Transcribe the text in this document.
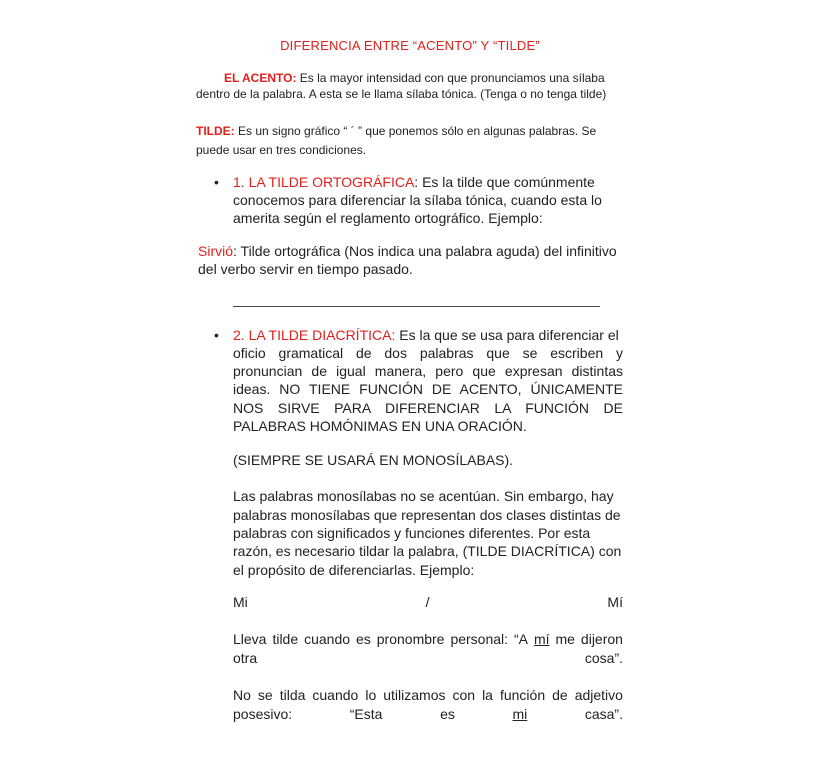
DIFERENCIA ENTRE “ACENTO” Y “TILDE”
EL ACENTO: Es la mayor intensidad con que pronunciamos una sílaba
dentro de la palabra. A esta se le llama sílaba tónica. (Tenga o no tenga tilde)
TILDE: Es un signo gráfico “ ´ ” que ponemos sólo en algunas palabras. Se
puede usar en tres condiciones.
• 1. LA TILDE ORTOGRÁFICA: Es la tilde que comúnmente
conocemos para diferenciar la sílaba tónica, cuando esta lo
amerita según el reglamento ortográfico. Ejemplo:
Sirvió: Tilde ortográfica (Nos indica una palabra aguda) del infinitivo
del verbo servir en tiempo pasado.
• 2. LA TILDE DIACRÍTICA: Es la que se usa para diferenciar el
oficio gramatical de dos palabras que se escriben y
pronuncian de igual manera, pero que expresan distintas
ideas. NO TIENE FUNCIÓN DE ACENTO, ÚNICAMENTE
NOS SIRVE PARA DIFERENCIAR LA FUNCIÓN DE
PALABRAS HOMÓNIMAS EN UNA ORACIÓN.
(SIEMPRE SE USARÁ EN MONOSÍLABAS).
Las palabras monosílabas no se acentúan. Sin embargo, hay
palabras monosílabas que representan dos clases distintas de
palabras con significados y funciones diferentes. Por esta
razón, es necesario tildar la palabra, (TILDE DIACRÍTICA) con
el propósito de diferenciarlas. Ejemplo:
Mi	/	Mí
Lleva tilde cuando es pronombre personal: “A mí me dijeron
otra	cosa”.
No se tilda cuando lo utilizamos con la función de adjetivo
posesivo:	“Esta	es	mi	casa”.
